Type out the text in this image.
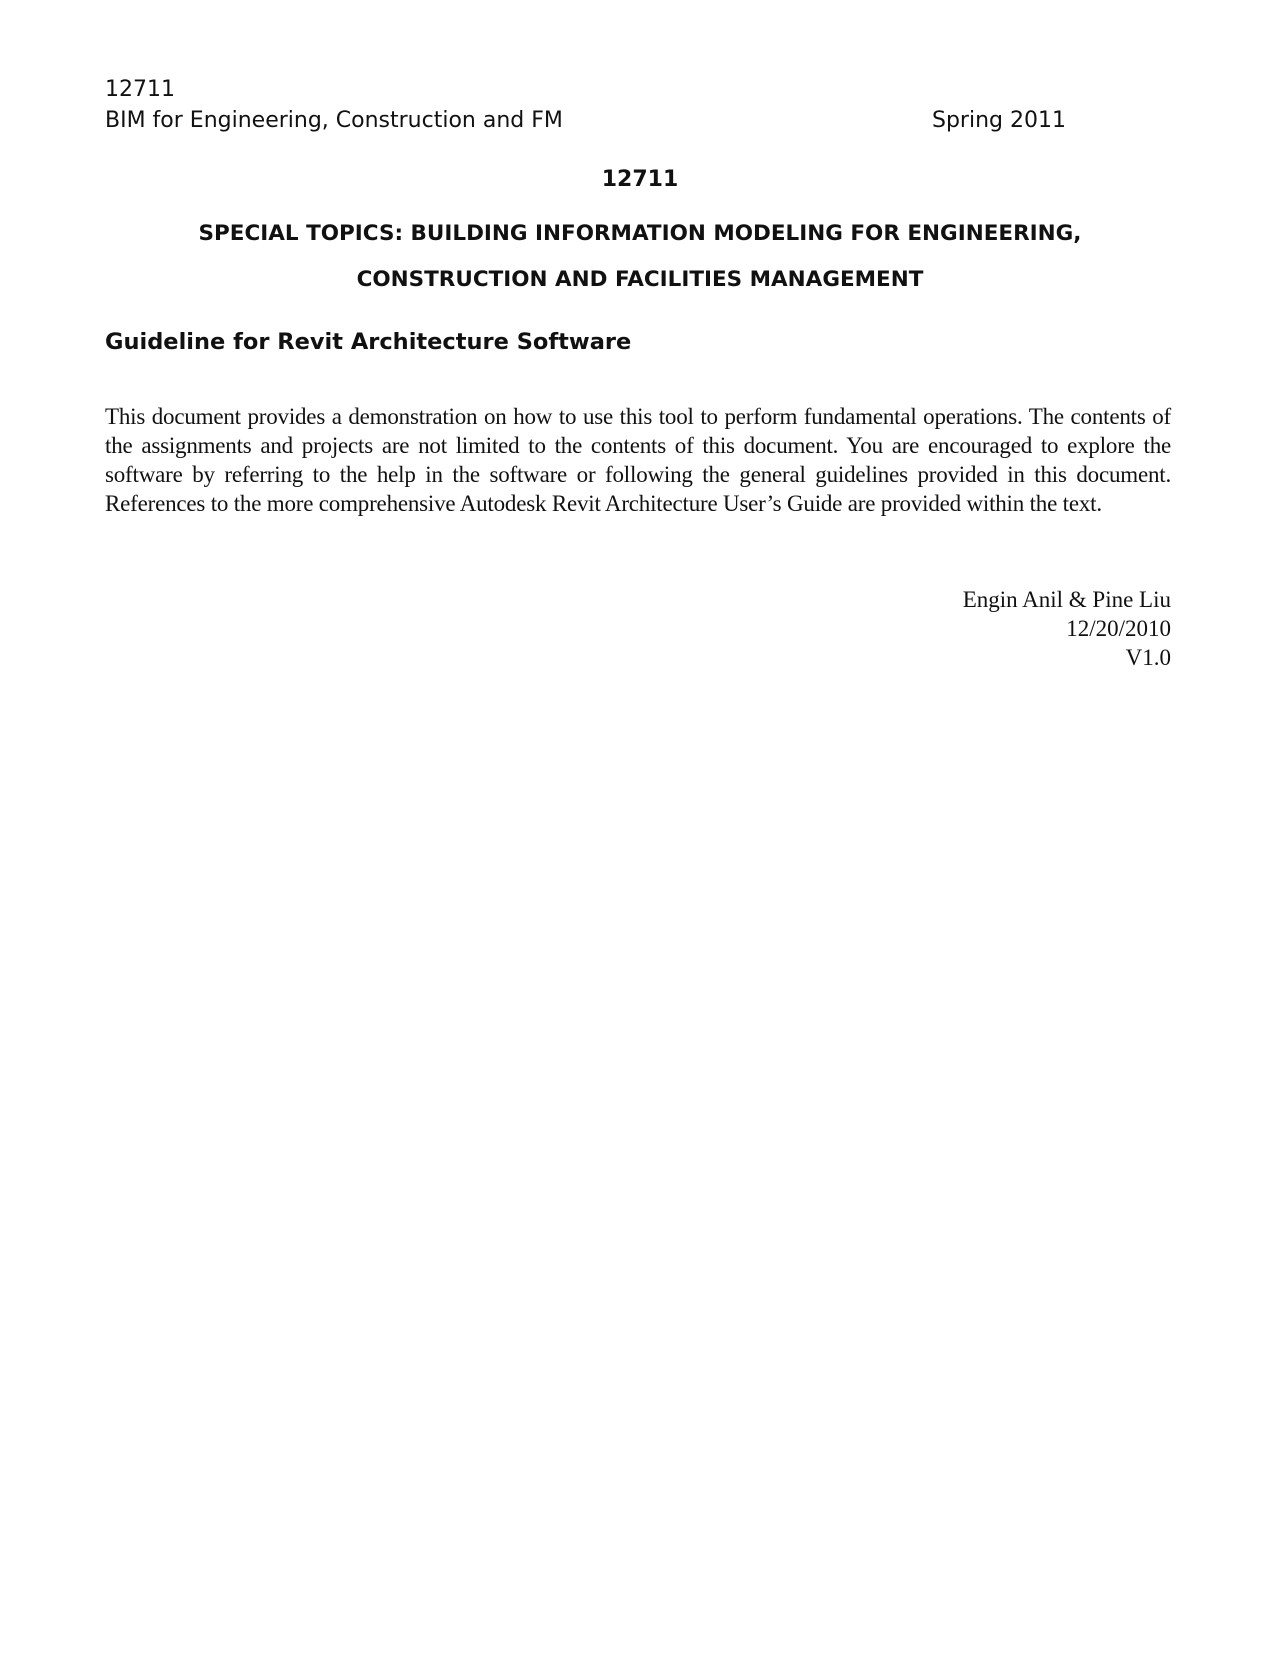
12711
BIM for Engineering, Construction and FM	Spring 2011
12711
SPECIAL TOPICS: BUILDING INFORMATION MODELING FOR ENGINEERING, CONSTRUCTION AND FACILITIES MANAGEMENT
Guideline for Revit Architecture Software
This document provides a demonstration on how to use this tool to perform fundamental operations. The contents of the assignments and projects are not limited to the contents of this document. You are encouraged to explore the software by referring to the help in the software or following the general guidelines provided in this document. References to the more comprehensive Autodesk Revit Architecture User’s Guide are provided within the text.
Engin Anil & Pine Liu
12/20/2010
V1.0
